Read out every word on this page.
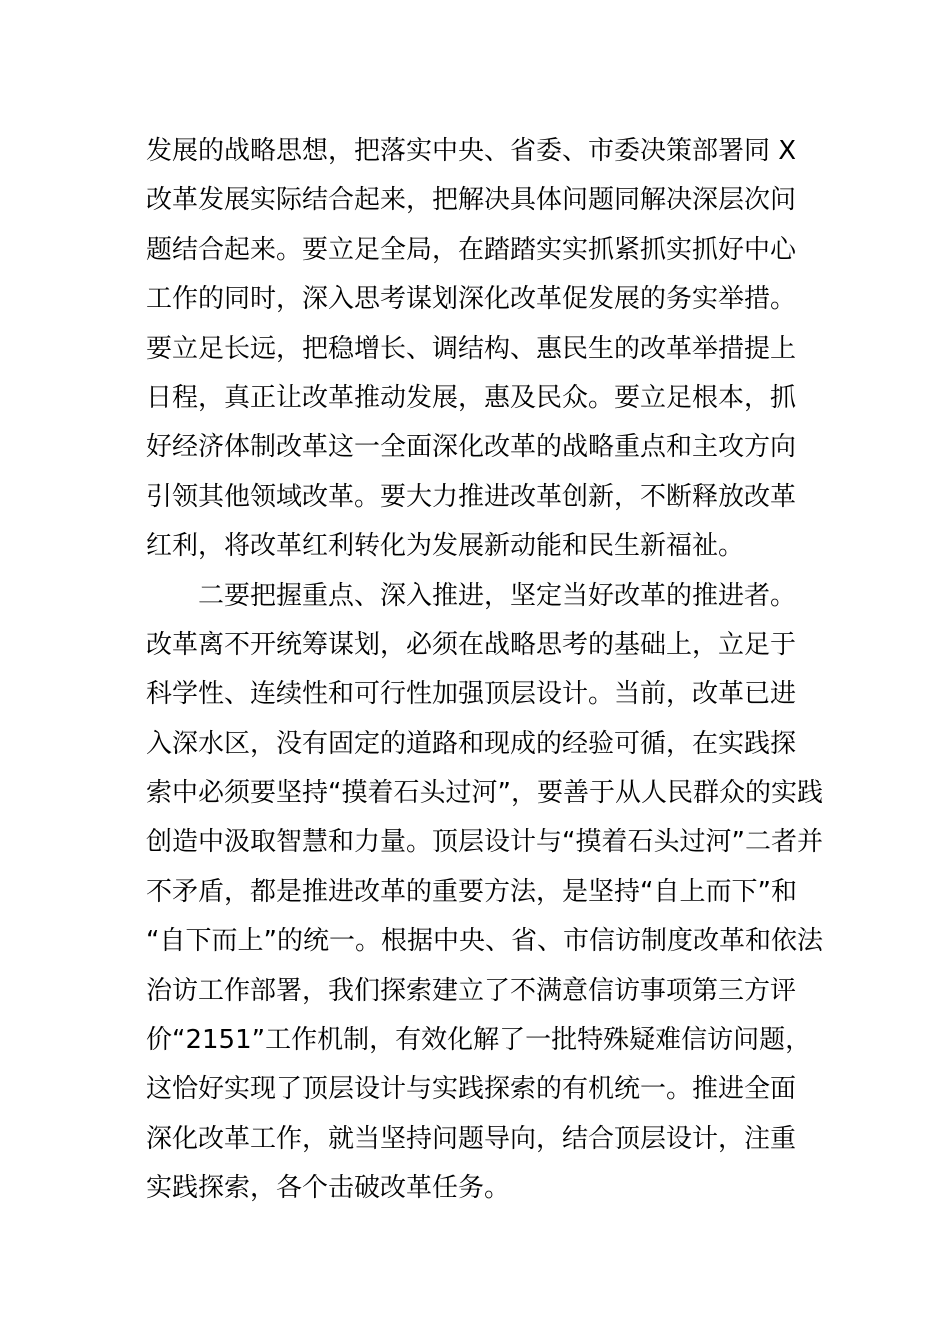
发展的战略思想，把落实中央、省委、市委决策部署同 X
改革发展实际结合起来，把解决具体问题同解决深层次问
题结合起来。要立足全局，在踏踏实实抓紧抓实抓好中心
工作的同时，深入思考谋划深化改革促发展的务实举措。
要立足长远，把稳增长、调结构、惠民生的改革举措提上
日程，真正让改革推动发展，惠及民众。要立足根本，抓
好经济体制改革这一全面深化改革的战略重点和主攻方向
引领其他领域改革。要大力推进改革创新，不断释放改革
红利，将改革红利转化为发展新动能和民生新福祉。
二要把握重点、深入推进，坚定当好改革的推进者。
改革离不开统筹谋划，必须在战略思考的基础上，立足于
科学性、连续性和可行性加强顶层设计。当前，改革已进
入深水区，没有固定的道路和现成的经验可循，在实践探
索中必须要坚持“摸着石头过河”，要善于从人民群众的实践
创造中汲取智慧和力量。顶层设计与“摸着石头过河”二者并
不矛盾，都是推进改革的重要方法，是坚持“自上而下”和
“自下而上”的统一。根据中央、省、市信访制度改革和依法
治访工作部署，我们探索建立了不满意信访事项第三方评
价“2151”工作机制，有效化解了一批特殊疑难信访问题，
这恰好实现了顶层设计与实践探索的有机统一。推进全面
深化改革工作，就当坚持问题导向，结合顶层设计，注重
实践探索，各个击破改革任务。
